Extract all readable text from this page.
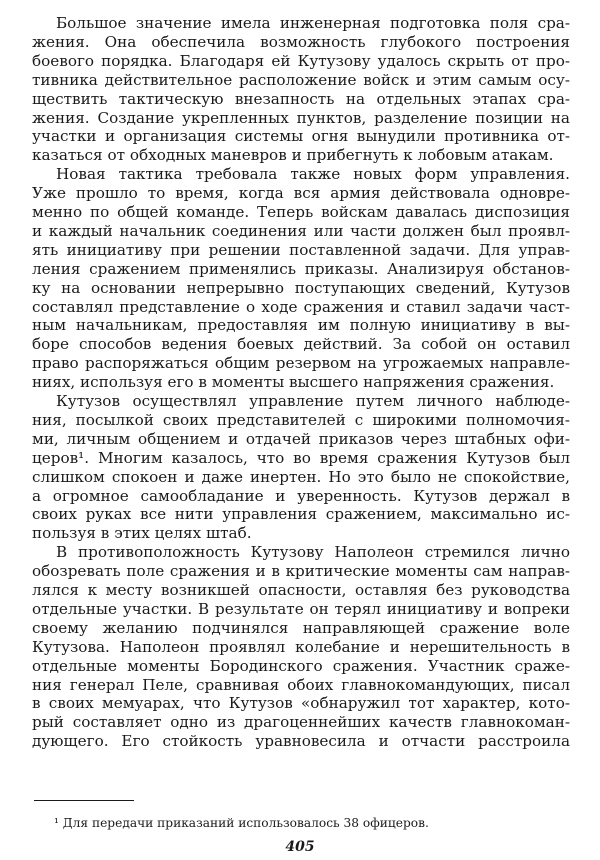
Большое значение имела инженерная подготовка поля сра-
жения. Она обеспечила возможность глубокого построения
боевого порядка. Благодаря ей Кутузову удалось скрыть от про-
тивника действительное расположение войск и этим самым осу-
ществить тактическую внезапность на отдельных этапах сра-
жения. Создание укрепленных пунктов, разделение позиции на
участки и организация системы огня вынудили противника от-
казаться от обходных маневров и прибегнуть к лобовым атакам.
Новая тактика требовала также новых форм управления.
Уже прошло то время, когда вся армия действовала одновре-
менно по общей команде. Теперь войскам давалась диспозиция
и каждый начальник соединения или части должен был проявл-
ять инициативу при решении поставленной задачи. Для управ-
ления сражением применялись приказы. Анализируя обстанов-
ку на основании непрерывно поступающих сведений, Кутузов
составлял представление о ходе сражения и ставил задачи част-
ным начальникам, предоставляя им полную инициативу в вы-
боре способов ведения боевых действий. За собой он оставил
право распоряжаться общим резервом на угрожаемых направле-
ниях, используя его в моменты высшего напряжения сражения.
Кутузов осуществлял управление путем личного наблюде-
ния, посылкой своих представителей с широкими полномочия-
ми, личным общением и отдачей приказов через штабных офи-
церов¹. Многим казалось, что во время сражения Кутузов был
слишком спокоен и даже инертен. Но это было не спокойствие,
а огромное самообладание и уверенность. Кутузов держал в
своих руках все нити управления сражением, максимально ис-
пользуя в этих целях штаб.
В противоположность Кутузову Наполеон стремился лично
обозревать поле сражения и в критические моменты сам направ-
лялся к месту возникшей опасности, оставляя без руководства
отдельные участки. В результате он терял инициативу и вопреки
своему желанию подчинялся направляющей сражение воле
Кутузова. Наполеон проявлял колебание и нерешительность в
отдельные моменты Бородинского сражения. Участник сраже-
ния генерал Пеле, сравнивая обоих главнокомандующих, писал
в своих мемуарах, что Кутузов «обнаружил тот характер, кото-
рый составляет одно из драгоценнейших качеств главнокоман-
дующего. Его стойкость уравновесила и отчасти расстроила
¹ Для передачи приказаний использовалось 38 офицеров.
405
